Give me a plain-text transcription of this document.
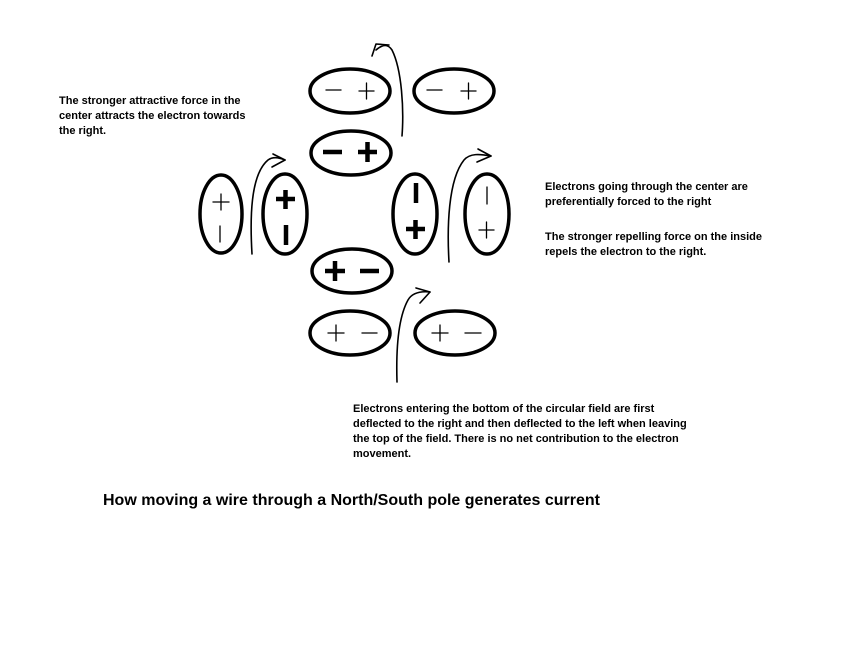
The stronger attractive force in the
center attracts the electron towards
the right.
Electrons going through the center are
preferentially forced to the right
The stronger repelling force on the inside
repels the electron to the right.
Electrons entering the bottom of the circular field are first
deflected to the right and then deflected to the left when leaving
the top of the field. There is no net contribution to the electron
movement.
How moving a wire through a North/South pole generates current
